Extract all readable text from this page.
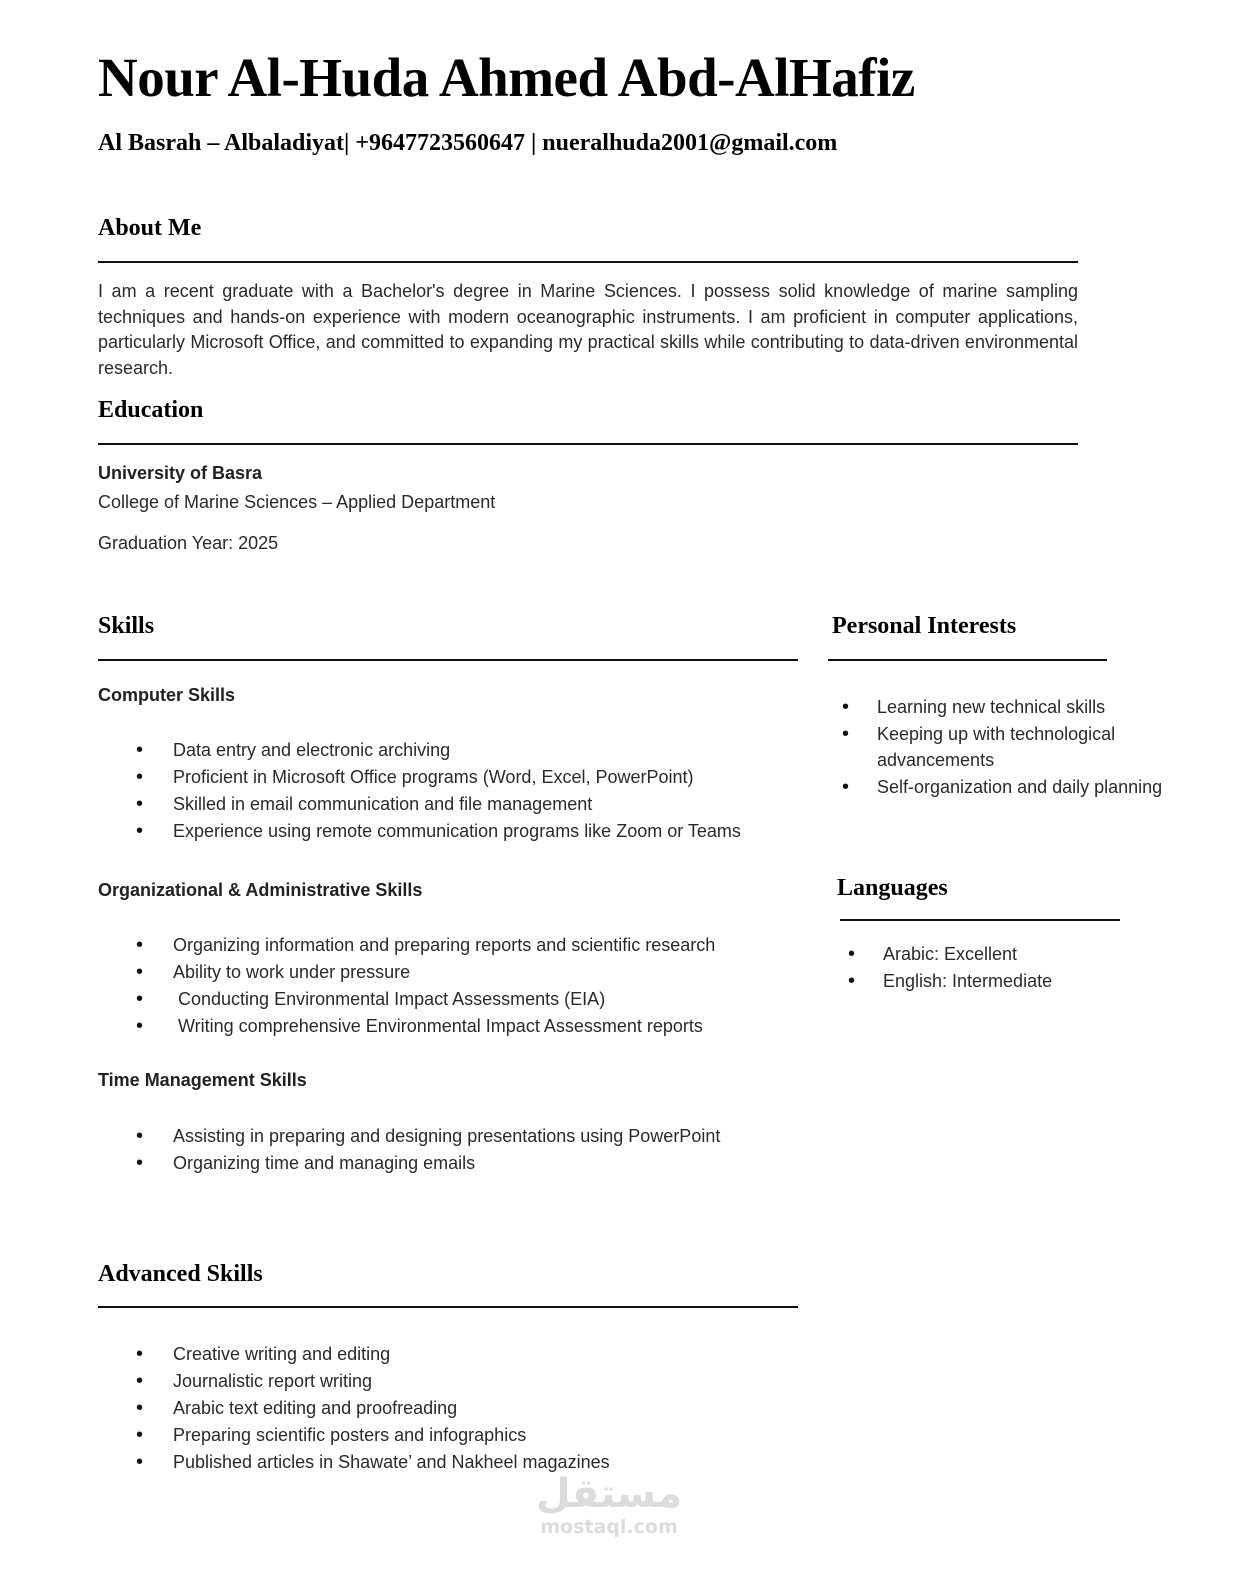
Nour Al-Huda Ahmed Abd-AlHafiz
Al Basrah – Albaladiyat| +9647723560647 | nueralhuda2001@gmail.com
About Me
I am a recent graduate with a Bachelor's degree in Marine Sciences. I possess solid knowledge of marine sampling techniques and hands-on experience with modern oceanographic instruments. I am proficient in computer applications, particularly Microsoft Office, and committed to expanding my practical skills while contributing to data-driven environmental research.
Education
University of Basra
College of Marine Sciences – Applied Department
Graduation Year: 2025
Skills
Computer Skills
• Data entry and electronic archiving
• Proficient in Microsoft Office programs (Word, Excel, PowerPoint)
• Skilled in email communication and file management
• Experience using remote communication programs like Zoom or Teams
Organizational & Administrative Skills
• Organizing information and preparing reports and scientific research
• Ability to work under pressure
•  Conducting Environmental Impact Assessments (EIA)
•  Writing comprehensive Environmental Impact Assessment reports
Time Management Skills
• Assisting in preparing and designing presentations using PowerPoint
• Organizing time and managing emails
Advanced Skills
• Creative writing and editing
• Journalistic report writing
• Arabic text editing and proofreading
• Preparing scientific posters and infographics
• Published articles in Shawate’ and Nakheel magazines
Personal Interests
• Learning new technical skills
• Keeping up with technological advancements
• Self-organization and daily planning
Languages
• Arabic: Excellent
• English: Intermediate
مستقل
mostaql.com
